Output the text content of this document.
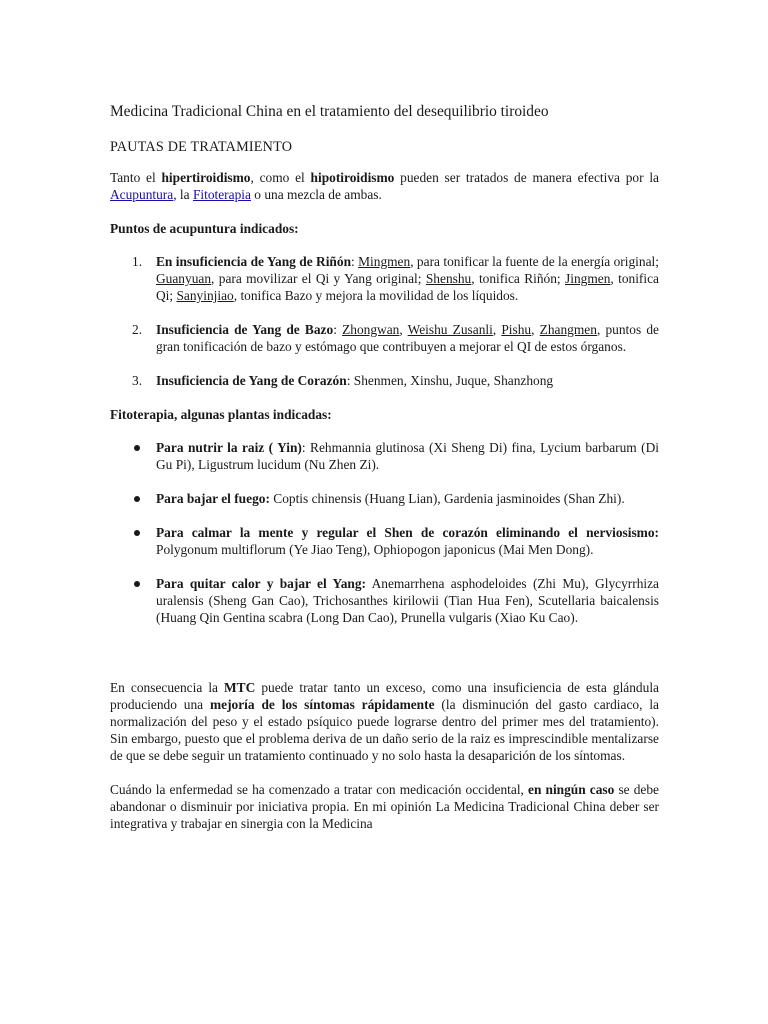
Medicina Tradicional China en el tratamiento del desequilibrio tiroideo
PAUTAS DE TRATAMIENTO

Tanto el hipertiroidismo, como el hipotiroidismo pueden ser tratados de manera efectiva por la Acupuntura, la Fitoterapia o una mezcla de ambas.

Puntos de acupuntura indicados:

1. En insuficiencia de Yang de Riñón: Mingmen, para tonificar la fuente de la energía original; Guanyuan, para movilizar el Qi y Yang original; Shenshu, tonifica Riñón; Jingmen, tonifica Qi; Sanyinjiao, tonifica Bazo y mejora la movilidad de los líquidos.
2. Insuficiencia de Yang de Bazo: Zhongwan, Weishu Zusanli, Pishu, Zhangmen, puntos de gran tonificación de bazo y estómago que contribuyen a mejorar el QI de estos órganos.
3. Insuficiencia de Yang de Corazón: Shenmen, Xinshu, Juque, Shanzhong

Fitoterapia, algunas plantas indicadas:

Para nutrir la raiz ( Yin): Rehmannia glutinosa (Xi Sheng Di) fina, Lycium barbarum (Di Gu Pi), Ligustrum lucidum (Nu Zhen Zi).
Para bajar el fuego: Coptis chinensis (Huang Lian), Gardenia jasminoides (Shan Zhi).
Para calmar la mente y regular el Shen de corazón eliminando el nerviosismo: Polygonum multiflorum (Ye Jiao Teng), Ophiopogon japonicus (Mai Men Dong).
Para quitar calor y bajar el Yang: Anemarrhena asphodeloides (Zhi Mu), Glycyrrhiza uralensis (Sheng Gan Cao), Trichosanthes kirilowii (Tian Hua Fen), Scutellaria baicalensis (Huang Qin Gentina scabra (Long Dan Cao), Prunella vulgaris (Xiao Ku Cao).

En consecuencia la MTC puede tratar tanto un exceso, como una insuficiencia de esta glándula produciendo una mejoría de los síntomas rápidamente (la disminución del gasto cardiaco, la normalización del peso y el estado psíquico puede lograrse dentro del primer mes del tratamiento). Sin embargo, puesto que el problema deriva de un daño serio de la raiz es imprescindible mentalizarse de que se debe seguir un tratamiento continuado y no solo hasta la desaparición de los síntomas.

Cuándo la enfermedad se ha comenzado a tratar con medicación occidental, en ningún caso se debe abandonar o disminuir por iniciativa propia. En mi opinión La Medicina Tradicional China deber ser integrativa y trabajar en sinergia con la Medicina
